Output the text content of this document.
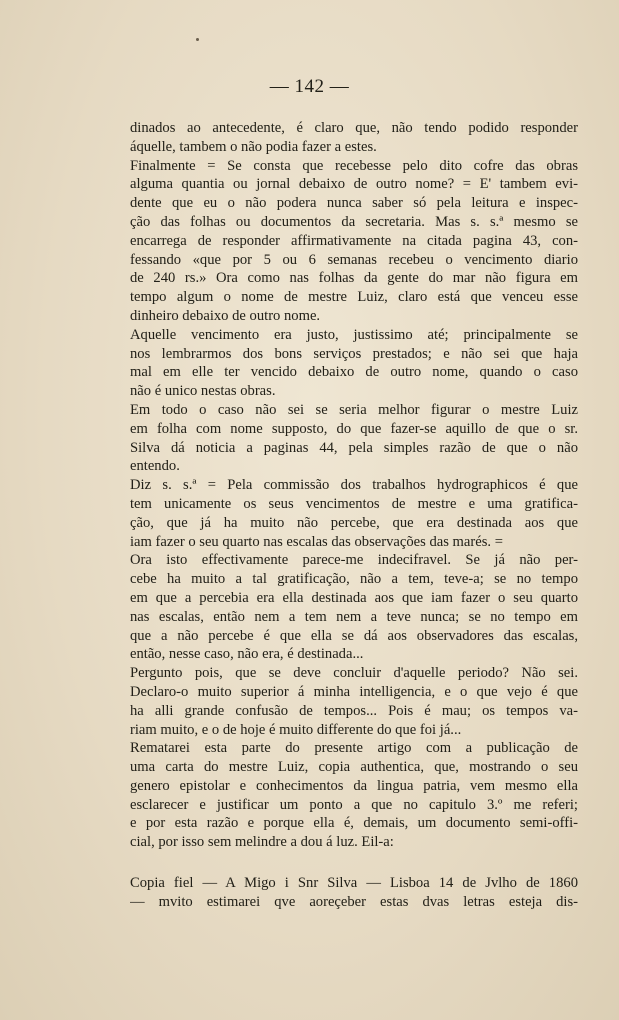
— 142 —

dinados ao antecedente, é claro que, não tendo podido responder

áquelle, tambem o não podia fazer a estes.

Finalmente = Se consta que recebesse pelo dito cofre das obras

alguma quantia ou jornal debaixo de outro nome? = E' tambem evi-

dente que eu o não podera nunca saber só pela leitura e inspec-

ção das folhas ou documentos da secretaria. Mas s. s.ª mesmo se

encarrega de responder affirmativamente na citada pagina 43, con-

fessando «que por 5 ou 6 semanas recebeu o vencimento diario

de 240 rs.» Ora como nas folhas da gente do mar não figura em

tempo algum o nome de mestre Luiz, claro está que venceu esse

dinheiro debaixo de outro nome.

Aquelle vencimento era justo, justissimo até; principalmente se

nos lembrarmos dos bons serviços prestados; e não sei que haja

mal em elle ter vencido debaixo de outro nome, quando o caso

não é unico nestas obras.

Em todo o caso não sei se seria melhor figurar o mestre Luiz

em folha com nome supposto, do que fazer-se aquillo de que o sr.

Silva dá noticia a paginas 44, pela simples razão de que o não

entendo.

Diz s. s.ª = Pela commissão dos trabalhos hydrographicos é que

tem unicamente os seus vencimentos de mestre e uma gratifica-

ção, que já ha muito não percebe, que era destinada aos que

iam fazer o seu quarto nas escalas das observações das marés. =

Ora isto effectivamente parece-me indecifravel. Se já não per-

cebe ha muito a tal gratificação, não a tem, teve-a; se no tempo

em que a percebia era ella destinada aos que iam fazer o seu quarto

nas escalas, então nem a tem nem a teve nunca; se no tempo em

que a não percebe é que ella se dá aos observadores das escalas,

então, nesse caso, não era, é destinada...

Pergunto pois, que se deve concluir d'aquelle periodo? Não sei.

Declaro-o muito superior á minha intelligencia, e o que vejo é que

ha alli grande confusão de tempos... Pois é mau; os tempos va-

riam muito, e o de hoje é muito differente do que foi já...

Rematarei esta parte do presente artigo com a publicação de

uma carta do mestre Luiz, copia authentica, que, mostrando o seu

genero epistolar e conhecimentos da lingua patria, vem mesmo ella

esclarecer e justificar um ponto a que no capitulo 3.º me referi;

e por esta razão e porque ella é, demais, um documento semi-offi-

cial, por isso sem melindre a dou á luz. Eil-a:

Copia fiel — A Migo i Snr Silva — Lisboa 14 de Jvlho de 1860

— mvito estimarei qve aoreçeber estas dvas letras esteja dis-
